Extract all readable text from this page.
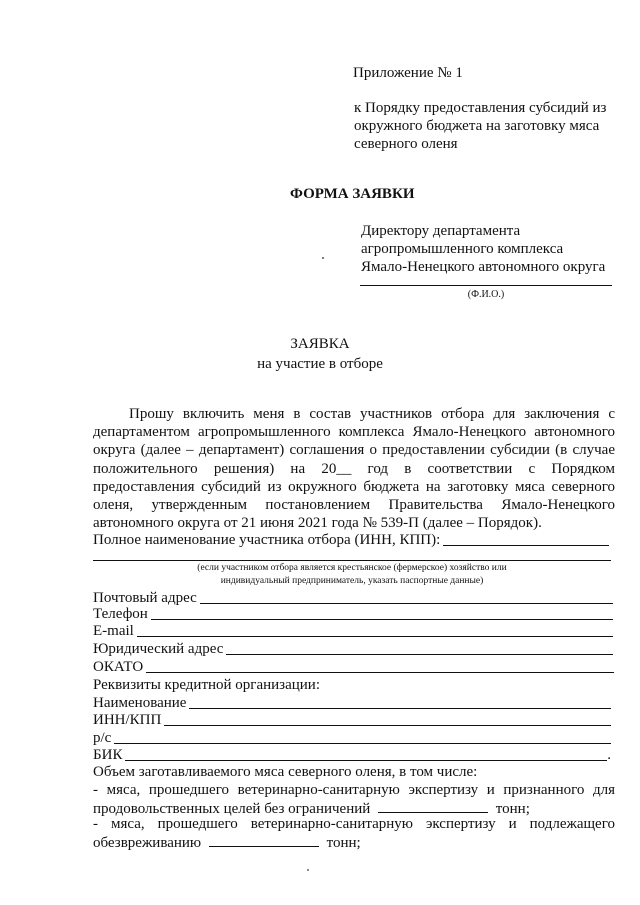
Приложение № 1
к Порядку предоставления субсидий из
окружного бюджета на заготовку мяса
северного оленя
ФОРМА ЗАЯВКИ
Директору департамента
агропромышленного комплекса
Ямало-Ненецкого автономного округа
(Ф.И.О.)
ЗАЯВКА
на участие в отборе
Прошу включить меня в состав участников отбора для заключения с департаментом агропромышленного комплекса Ямало-Ненецкого автономного округа (далее – департамент) соглашения о предоставлении субсидии (в случае положительного решения) на 20__ год в соответствии с Порядком предоставления субсидий из окружного бюджета на заготовку мяса северного оленя, утвержденным постановлением Правительства Ямало-Ненецкого автономного округа от 21 июня 2021 года № 539-П (далее – Порядок).
Полное наименование участника отбора (ИНН, КПП):
(если участником отбора является крестьянское (фермерское) хозяйство или
индивидуальный предприниматель, указать паспортные данные)
Почтовый адрес
Телефон
E-mail
Юридический адрес
ОКАТО
Реквизиты кредитной организации:
Наименование
ИНН/КПП
р/с
БИК	.
Объем заготавливаемого мяса северного оленя, в том числе:
- мяса, прошедшего ветеринарно-санитарную экспертизу и признанного для
продовольственных целей без ограничений	тонн;
- мяса, прошедшего ветеринарно-санитарную экспертизу и подлежащего
обезвреживанию	тонн;
